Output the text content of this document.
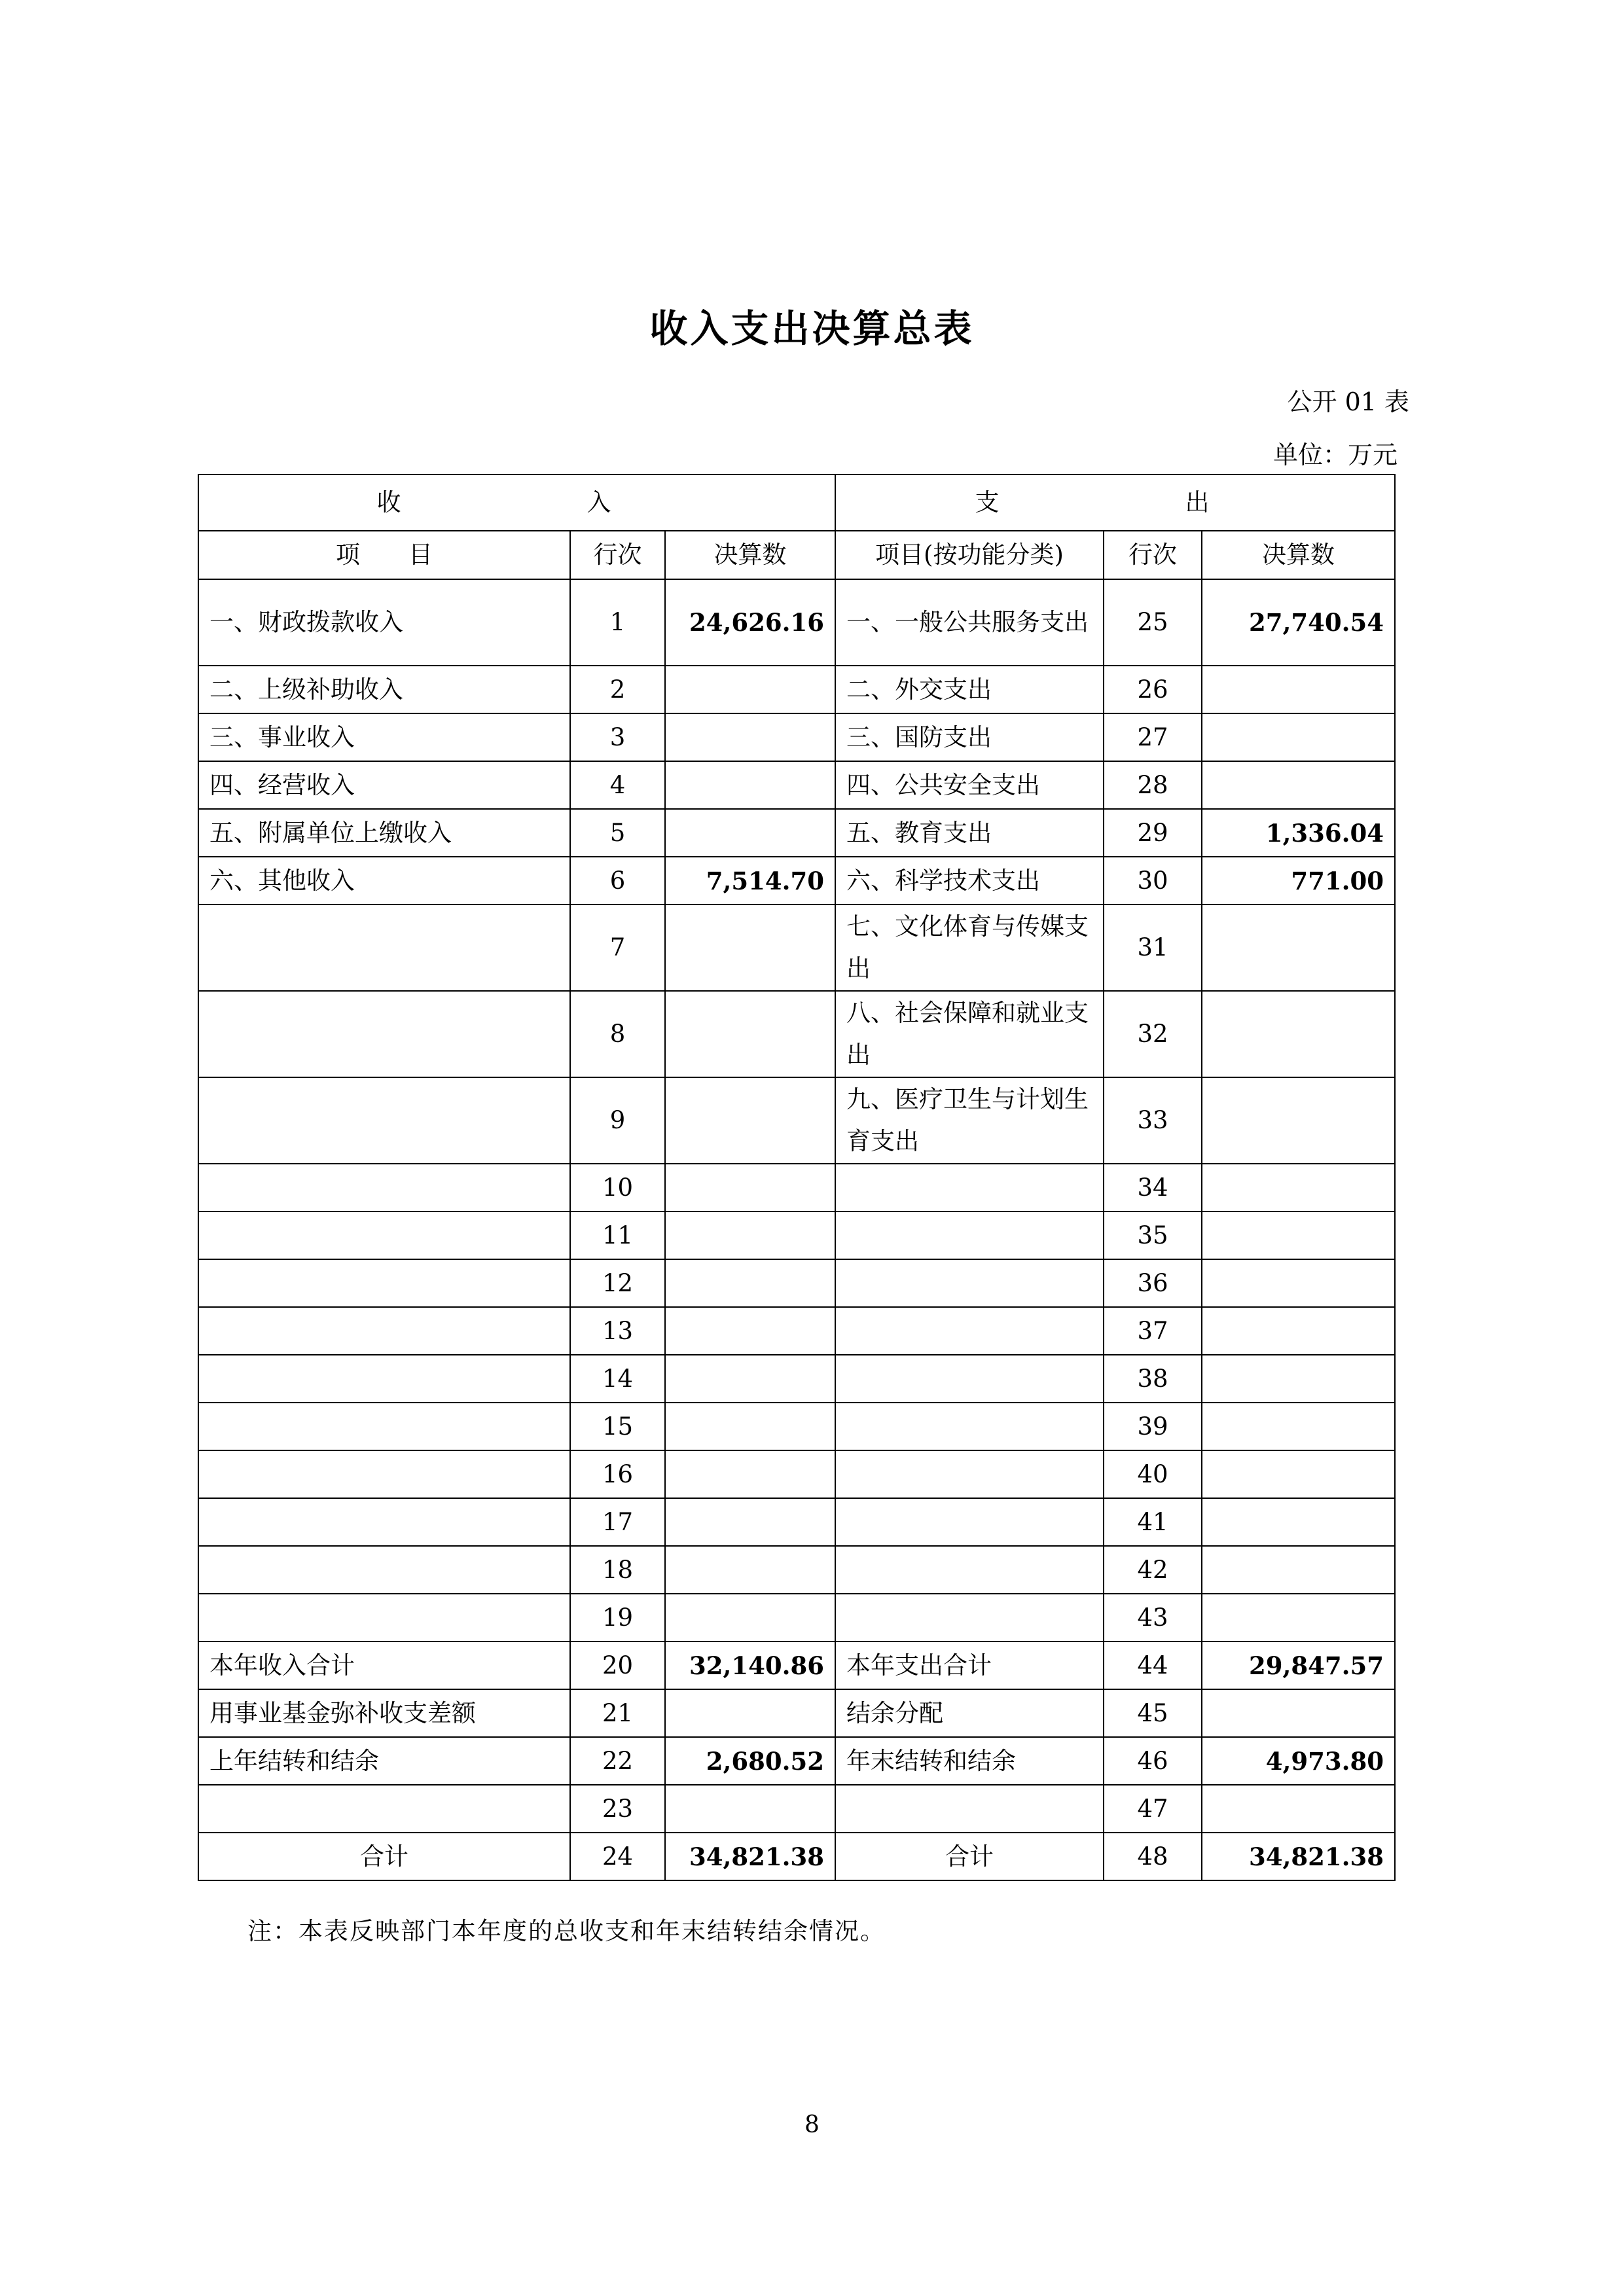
收入支出决算总表
公开 01 表
单位：万元
收　　入			支　　出		
项　　目	行次	决算数	项目(按功能分类)	行次	决算数
一、财政拨款收入	1	24,626.16	一、一般公共服务支出	25	27,740.54
二、上级补助收入	2		二、外交支出	26	
三、事业收入	3		三、国防支出	27	
四、经营收入	4		四、公共安全支出	28	
五、附属单位上缴收入	5		五、教育支出	29	1,336.04
六、其他收入	6	7,514.70	六、科学技术支出	30	771.00
	7		七、文化体育与传媒支出	31	
	8		八、社会保障和就业支出	32	
	9		九、医疗卫生与计划生育支出	33	
	10			34	
	11			35	
	12			36	
	13			37	
	14			38	
	15			39	
	16			40	
	17			41	
	18			42	
	19			43	
本年收入合计	20	32,140.86	本年支出合计	44	29,847.57
用事业基金弥补收支差额	21		结余分配	45	
上年结转和结余	22	2,680.52	年末结转和结余	46	4,973.80
	23			47	
合计	24	34,821.38	合计	48	34,821.38
注：本表反映部门本年度的总收支和年末结转结余情况。
8
